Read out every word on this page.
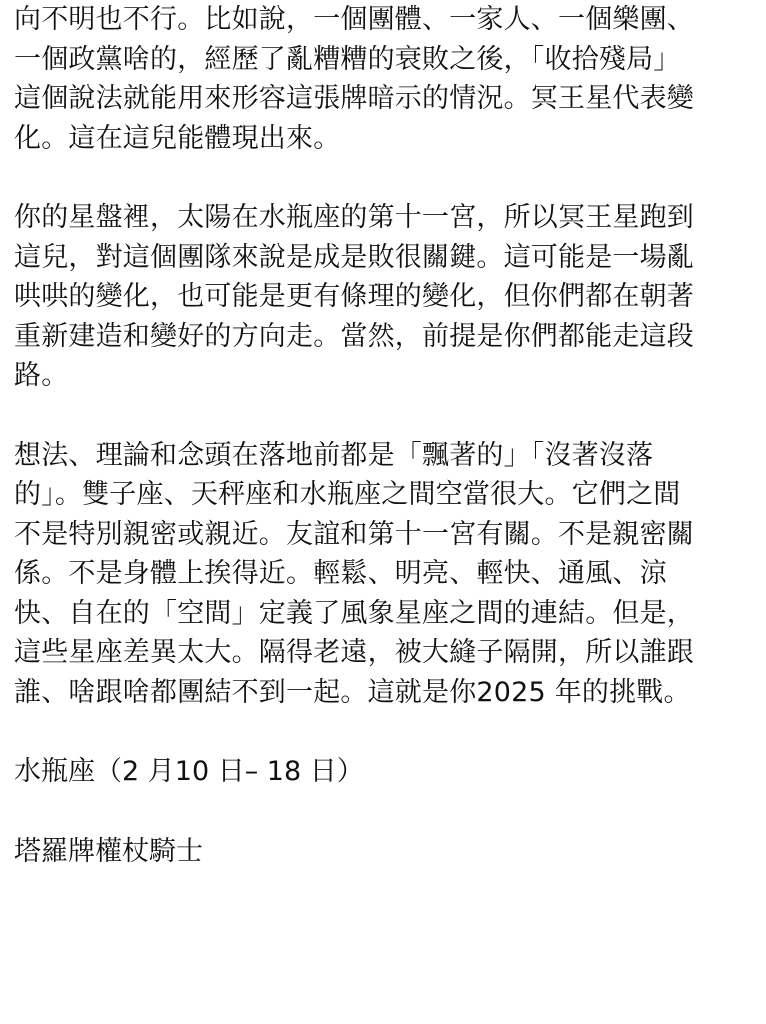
向不明也不行。比如說，一個團體、一家人、一個樂團、
一個政黨啥的，經歷了亂糟糟的衰敗之後，「收拾殘局」
這個說法就能用來形容這張牌暗示的情況。冥王星代表變
化。這在這兒能體現出來。

你的星盤裡，太陽在水瓶座的第十一宮，所以冥王星跑到
這兒，對這個團隊來說是成是敗很關鍵。這可能是一場亂
哄哄的變化，也可能是更有條理的變化，但你們都在朝著
重新建造和變好的方向走。當然，前提是你們都能走這段
路。

想法、理論和念頭在落地前都是「飄著的」「沒著沒落
的」。雙子座、天秤座和水瓶座之間空當很大。它們之間
不是特別親密或親近。友誼和第十一宮有關。不是親密關
係。不是身體上挨得近。輕鬆、明亮、輕快、通風、涼
快、自在的「空間」定義了風象星座之間的連結。但是，
這些星座差異太大。隔得老遠，被大縫子隔開，所以誰跟
誰、啥跟啥都團結不到一起。這就是你2025 年的挑戰。

水瓶座（2 月10 日– 18 日）

塔羅牌權杖騎士
